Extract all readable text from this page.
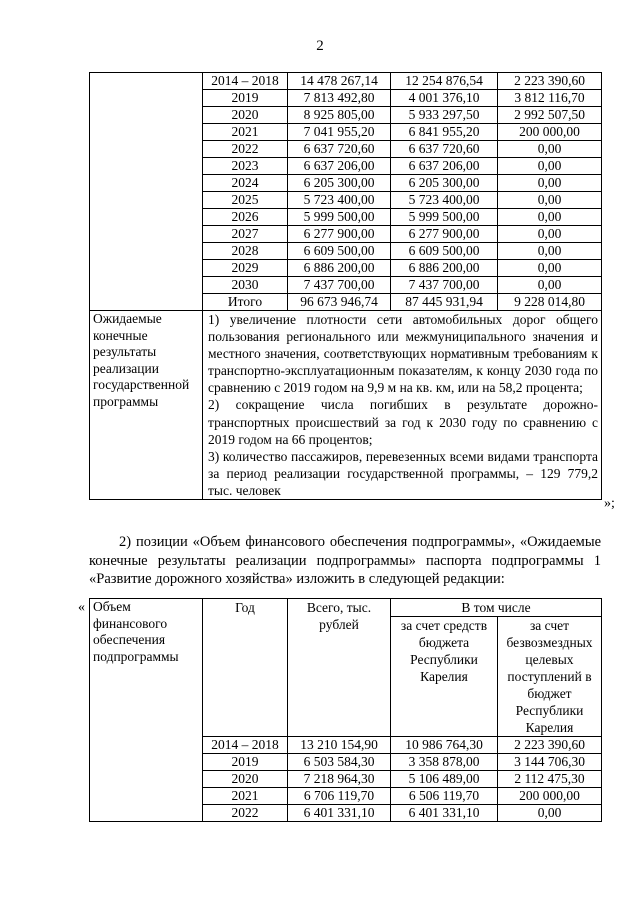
2
	2014 – 2018	14 478 267,14	12 254 876,54	2 223 390,60
	2019	7 813 492,80	4 001 376,10	3 812 116,70
	2020	8 925 805,00	5 933 297,50	2 992 507,50
	2021	7 041 955,20	6 841 955,20	200 000,00
	2022	6 637 720,60	6 637 720,60	0,00
	2023	6 637 206,00	6 637 206,00	0,00
	2024	6 205 300,00	6 205 300,00	0,00
	2025	5 723 400,00	5 723 400,00	0,00
	2026	5 999 500,00	5 999 500,00	0,00
	2027	6 277 900,00	6 277 900,00	0,00
	2028	6 609 500,00	6 609 500,00	0,00
	2029	6 886 200,00	6 886 200,00	0,00
	2030	7 437 700,00	7 437 700,00	0,00
	Итого	96 673 946,74	87 445 931,94	9 228 014,80
Ожидаемые конечные результаты реализации государственной программы	1) увеличение плотности сети автомобильных дорог общего пользования регионального или межмуниципального значения и местного значения, соответствующих нормативным требованиям к транспортно-эксплуатационным показателям, к концу 2030 года по сравнению с 2019 годом на 9,9 м на кв. км, или на 58,2 процента;

2) сокращение числа погибших в результате дорожно-транспортных происшествий за год к 2030 году по сравнению с 2019 годом на 66 процентов;

3) количество пассажиров, перевезенных всеми видами транспорта за период реализации государственной программы, – 129 779,2 тыс. человек			

»;
2) позиции «Объем финансового обеспечения подпрограммы», «Ожидаемые конечные результаты реализации подпрограммы» паспорта подпрограммы 1 «Развитие дорожного хозяйства» изложить в следующей редакции:
« Объем финансового обеспечения подпрограммы	Год	Всего, тыс. рублей	В том числе	
			за счет средств бюджета Республики Карелия	за счет безвозмездных целевых поступлений в бюджет Республики Карелия
	2014 – 2018	13 210 154,90	10 986 764,30	2 223 390,60
	2019	6 503 584,30	3 358 878,00	3 144 706,30
	2020	7 218 964,30	5 106 489,00	2 112 475,30
	2021	6 706 119,70	6 506 119,70	200 000,00
	2022	6 401 331,10	6 401 331,10	0,00
